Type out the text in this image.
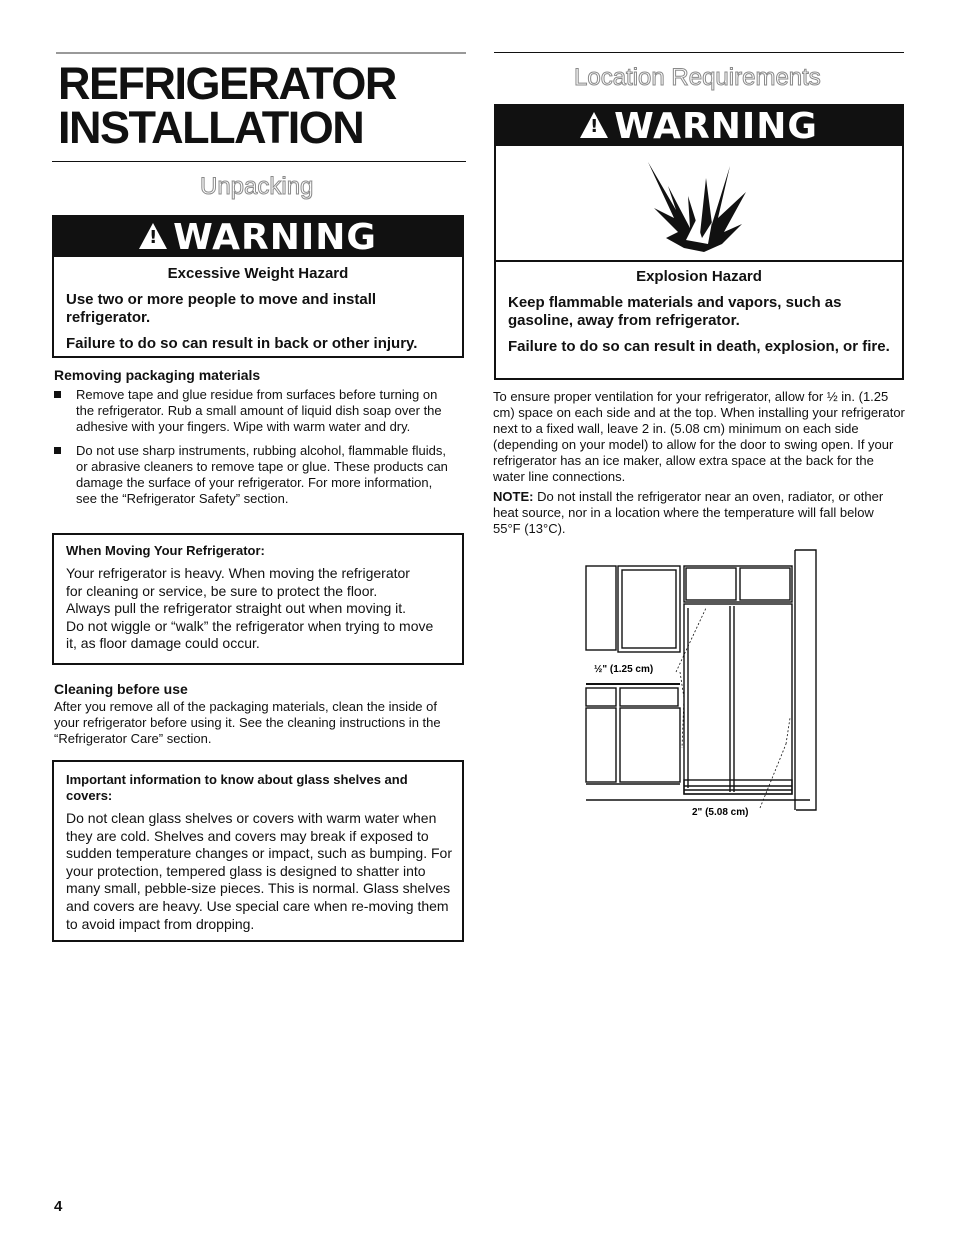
REFRIGERATOR
INSTALLATION
Unpacking
!WARNING

Excessive Weight Hazard

Use two or more people to move and install refrigerator.

Failure to do so can result in back or other injury.

Removing packaging materials
Remove tape and glue residue from surfaces before turning on the refrigerator. Rub a small amount of liquid dish soap over the adhesive with your fingers. Wipe with warm water and dry.
Do not use sharp instruments, rubbing alcohol, flammable fluids, or abrasive cleaners to remove tape or glue. These products can damage the surface of your refrigerator. For more information, see the “Refrigerator Safety” section.
When Moving Your Refrigerator:
Your refrigerator is heavy. When moving the refrigerator
for cleaning or service, be sure to protect the floor.
Always pull the refrigerator straight out when moving it.
Do not wiggle or “walk” the refrigerator when trying to move
it, as floor damage could occur.
Cleaning before use

After you remove all of the packaging materials, clean the inside of your refrigerator before using it. See the cleaning instructions in the “Refrigerator Care” section.

Important information to know about glass shelves and covers:
Do not clean glass shelves or covers with warm water when they are cold. Shelves and covers may break if exposed to sudden temperature changes or impact, such as bumping. For your protection, tempered glass is designed to shatter into many small, pebble-size pieces. This is normal. Glass shelves and covers are heavy. Use special care when re-moving them to avoid impact from dropping.
Location Requirements
!WARNING

Explosion Hazard

Keep flammable materials and vapors, such as gasoline, away from refrigerator.

Failure to do so can result in death, explosion, or fire.

To ensure proper ventilation for your refrigerator, allow for ½ in. (1.25 cm) space on each side and at the top. When installing your refrigerator next to a fixed wall, leave 2 in. (5.08 cm) minimum on each side (depending on your model) to allow for the door to swing open. If your refrigerator has an ice maker, allow extra space at the back for the water line connections.

NOTE: Do not install the refrigerator near an oven, radiator, or other heat source, nor in a location where the temperature will fall below 55°F (13°C).

½" (1.25 cm)
2" (5.08 cm)

4
